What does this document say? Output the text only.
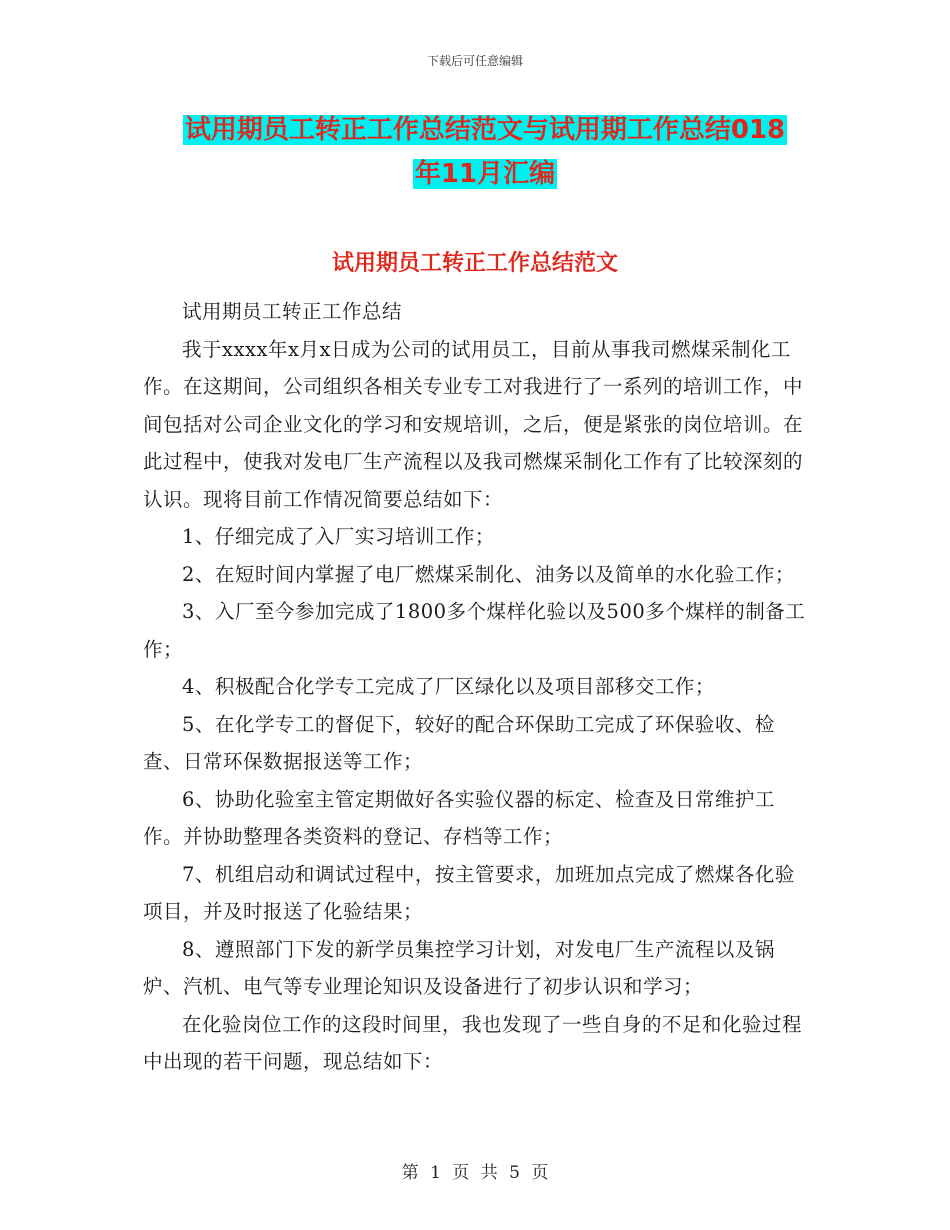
下载后可任意编辑
试用期员工转正工作总结范文与试用期工作总结018
年11月汇编
试用期员工转正工作总结范文

试用期员工转正工作总结

我于xxxx年x月x日成为公司的试用员工，目前从事我司燃煤采制化工作。在这期间，公司组织各相关专业专工对我进行了一系列的培训工作，中间包括对公司企业文化的学习和安规培训，之后，便是紧张的岗位培训。在此过程中，使我对发电厂生产流程以及我司燃煤采制化工作有了比较深刻的认识。现将目前工作情况简要总结如下：

1、仔细完成了入厂实习培训工作；

2、在短时间内掌握了电厂燃煤采制化、油务以及简单的水化验工作；

3、入厂至今参加完成了1800多个煤样化验以及500多个煤样的制备工作；

4、积极配合化学专工完成了厂区绿化以及项目部移交工作；

5、在化学专工的督促下，较好的配合环保助工完成了环保验收、检查、日常环保数据报送等工作；

6、协助化验室主管定期做好各实验仪器的标定、检查及日常维护工作。并协助整理各类资料的登记、存档等工作；

7、机组启动和调试过程中，按主管要求，加班加点完成了燃煤各化验项目，并及时报送了化验结果；

8、遵照部门下发的新学员集控学习计划，对发电厂生产流程以及锅炉、汽机、电气等专业理论知识及设备进行了初步认识和学习；

在化验岗位工作的这段时间里，我也发现了一些自身的不足和化验过程中出现的若干问题，现总结如下：

第 1 页 共 5 页
